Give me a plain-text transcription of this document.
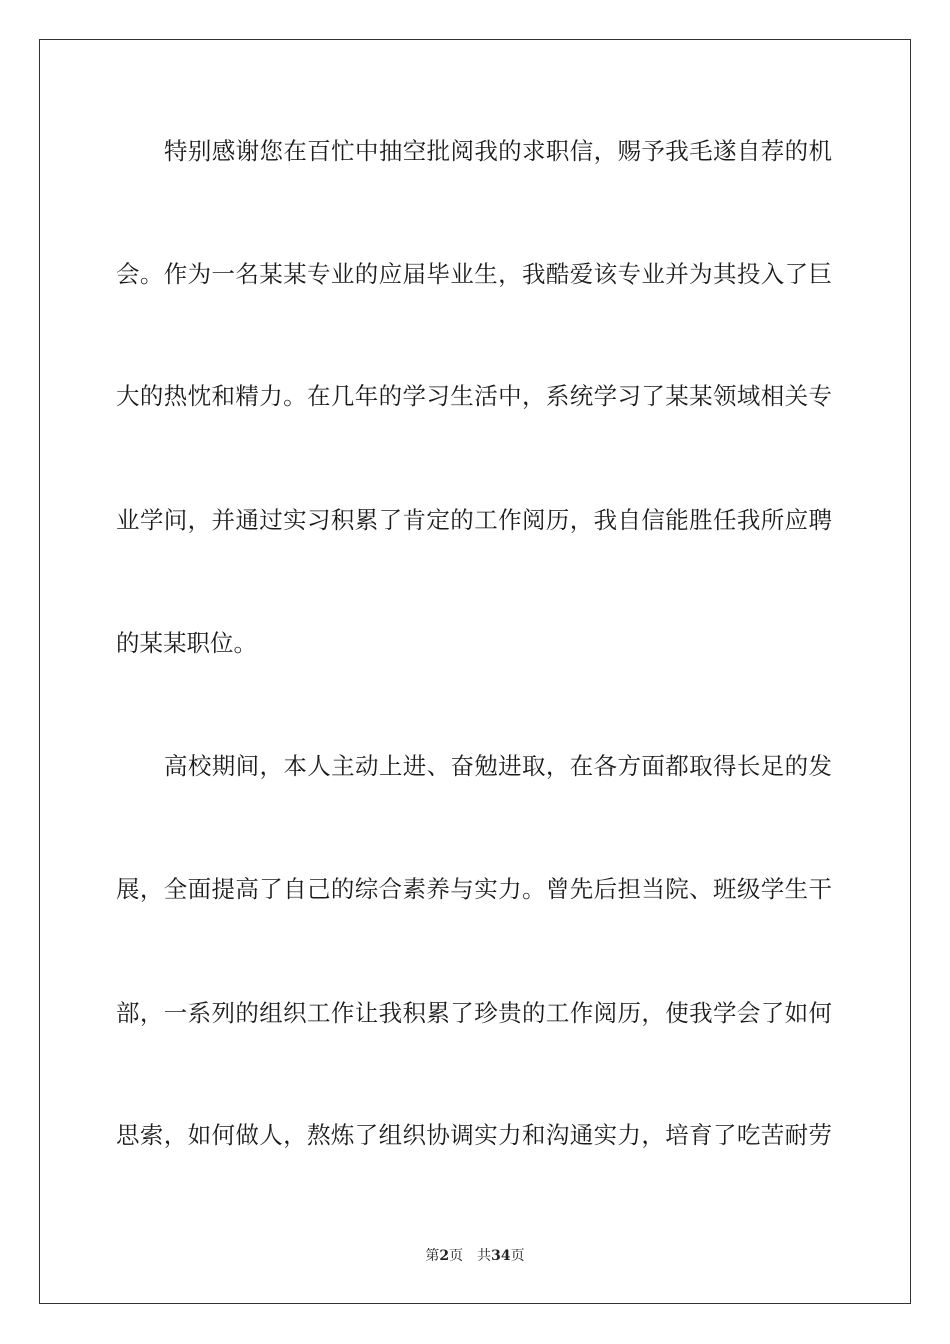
特别感谢您在百忙中抽空批阅我的求职信，赐予我毛遂自荐的机
会。作为一名某某专业的应届毕业生，我酷爱该专业并为其投入了巨
大的热忱和精力。在几年的学习生活中，系统学习了某某领域相关专
业学问，并通过实习积累了肯定的工作阅历，我自信能胜任我所应聘
的某某职位。
高校期间，本人主动上进、奋勉进取，在各方面都取得长足的发
展，全面提高了自己的综合素养与实力。曾先后担当院、班级学生干
部，一系列的组织工作让我积累了珍贵的工作阅历，使我学会了如何
思索，如何做人，熬炼了组织协调实力和沟通实力，培育了吃苦耐劳
第2页 共34页
